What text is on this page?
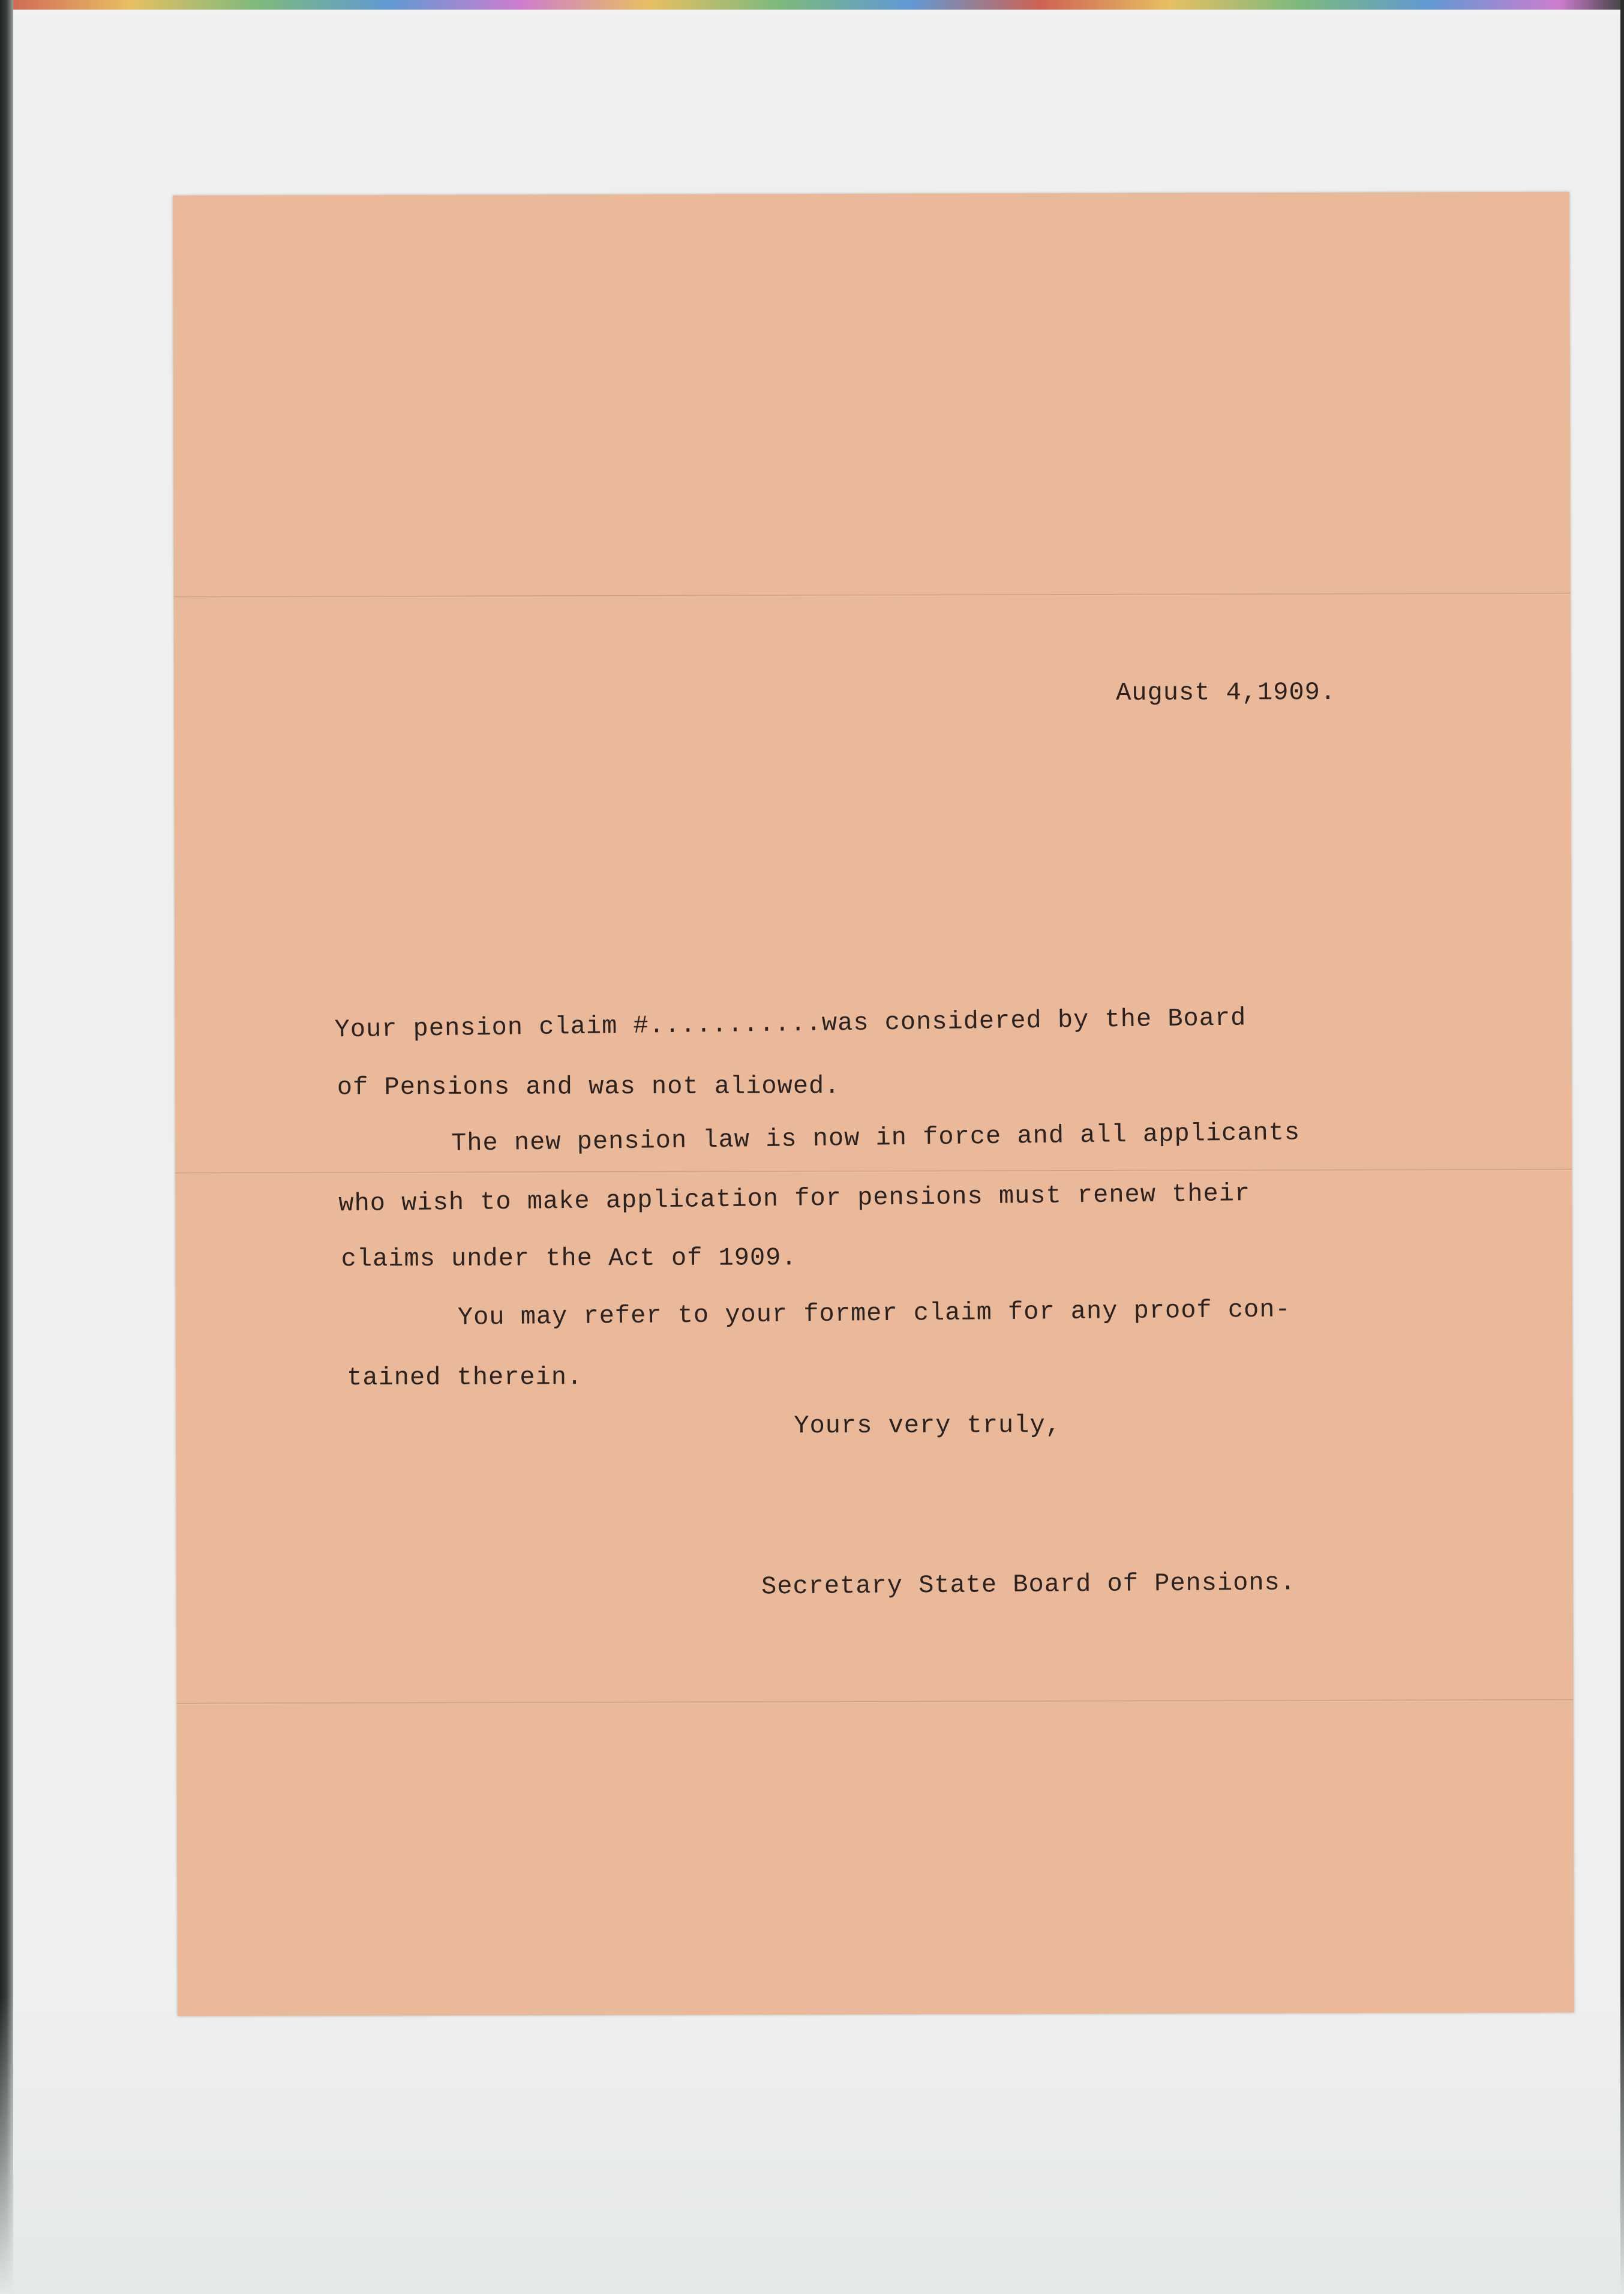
August 4,1909.
Your pension claim #...........was considered by the Board
of Pensions and was not aliowed.
The new pension law is now in force and all applicants
who wish to make application for pensions must renew their
claims under the Act of 1909.
You may refer to your former claim for any proof con-
tained therein.
Yours very truly,
Secretary State Board of Pensions.
